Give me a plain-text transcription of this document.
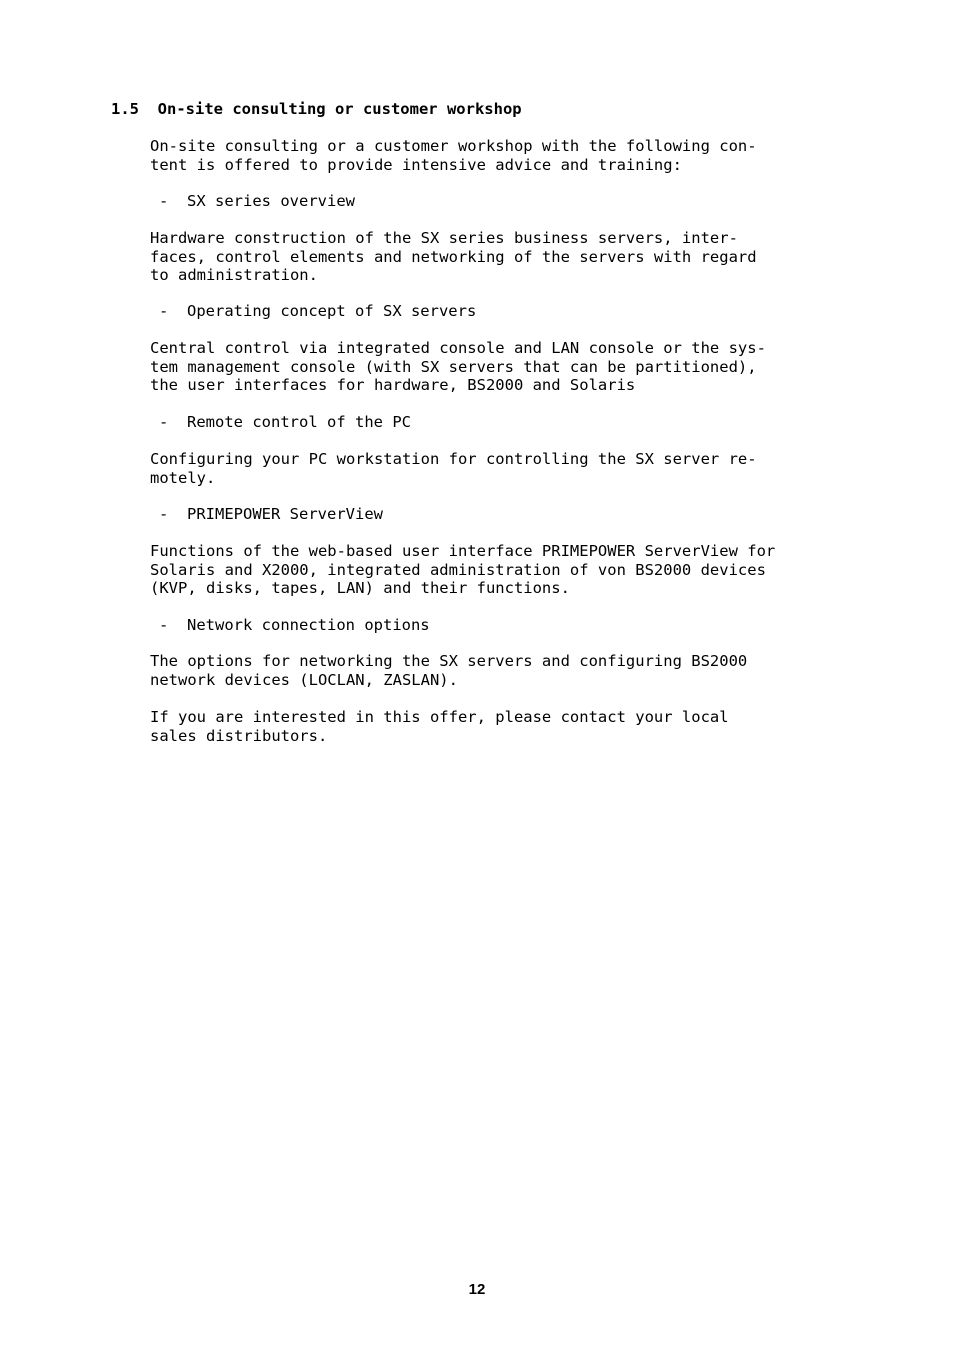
1.5 On-site consulting or customer workshop
On-site consulting or a customer workshop with the following con-
tent is offered to provide intensive advice and training:
- SX series overview
Hardware construction of the SX series business servers, inter-
faces, control elements and networking of the servers with regard
to administration.
- Operating concept of SX servers
Central control via integrated console and LAN console or the sys-
tem management console (with SX servers that can be partitioned),
the user interfaces for hardware, BS2000 and Solaris
- Remote control of the PC
Configuring your PC workstation for controlling the SX server re-
motely.
- PRIMEPOWER ServerView
Functions of the web-based user interface PRIMEPOWER ServerView for
Solaris and X2000, integrated administration of von BS2000 devices
(KVP, disks, tapes, LAN) and their functions.
- Network connection options
The options for networking the SX servers and configuring BS2000
network devices (LOCLAN, ZASLAN).
If you are interested in this offer, please contact your local
sales distributors.
12
